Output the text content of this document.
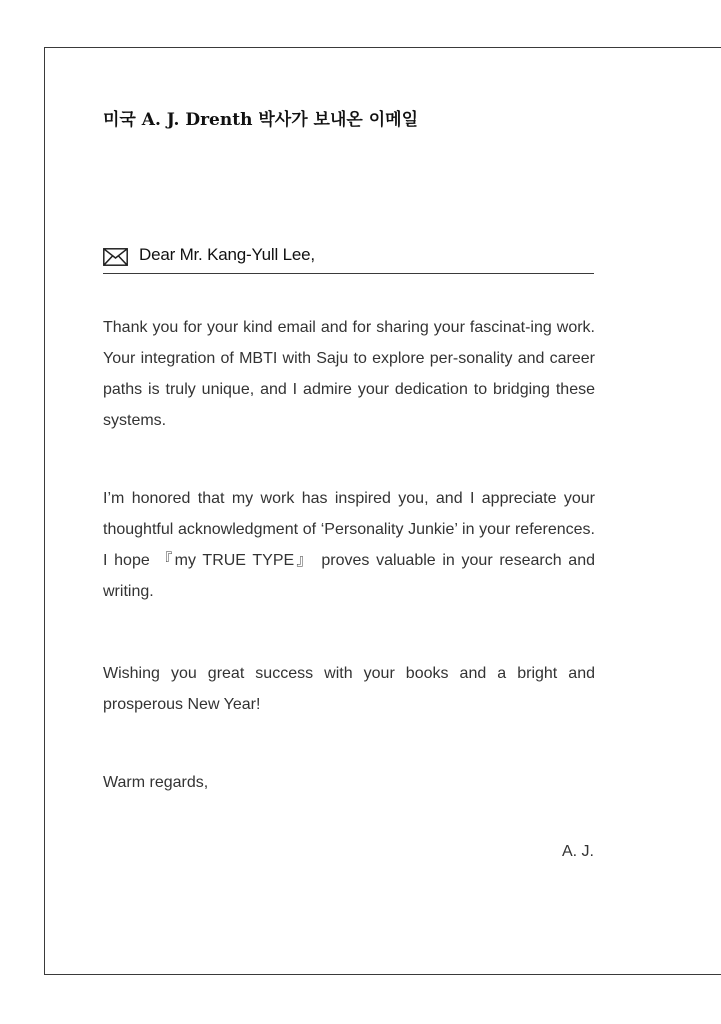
미국 A. J. Drenth 박사가 보내온 이메일
Dear Mr. Kang-Yull Lee,

Thank you for your kind email and for sharing your fascinat-ing work. Your integration of MBTI with Saju to explore per-sonality and career paths is truly unique, and I admire your dedication to bridging these systems.

I’m honored that my work has inspired you, and I appreciate your thoughtful acknowledgment of ‘Personality Junkie’ in your references. I hope 『my TRUE TYPE』 proves valuable in your research and writing.

Wishing you great success with your books and a bright and prosperous New Year!

Warm regards,

A. J.
